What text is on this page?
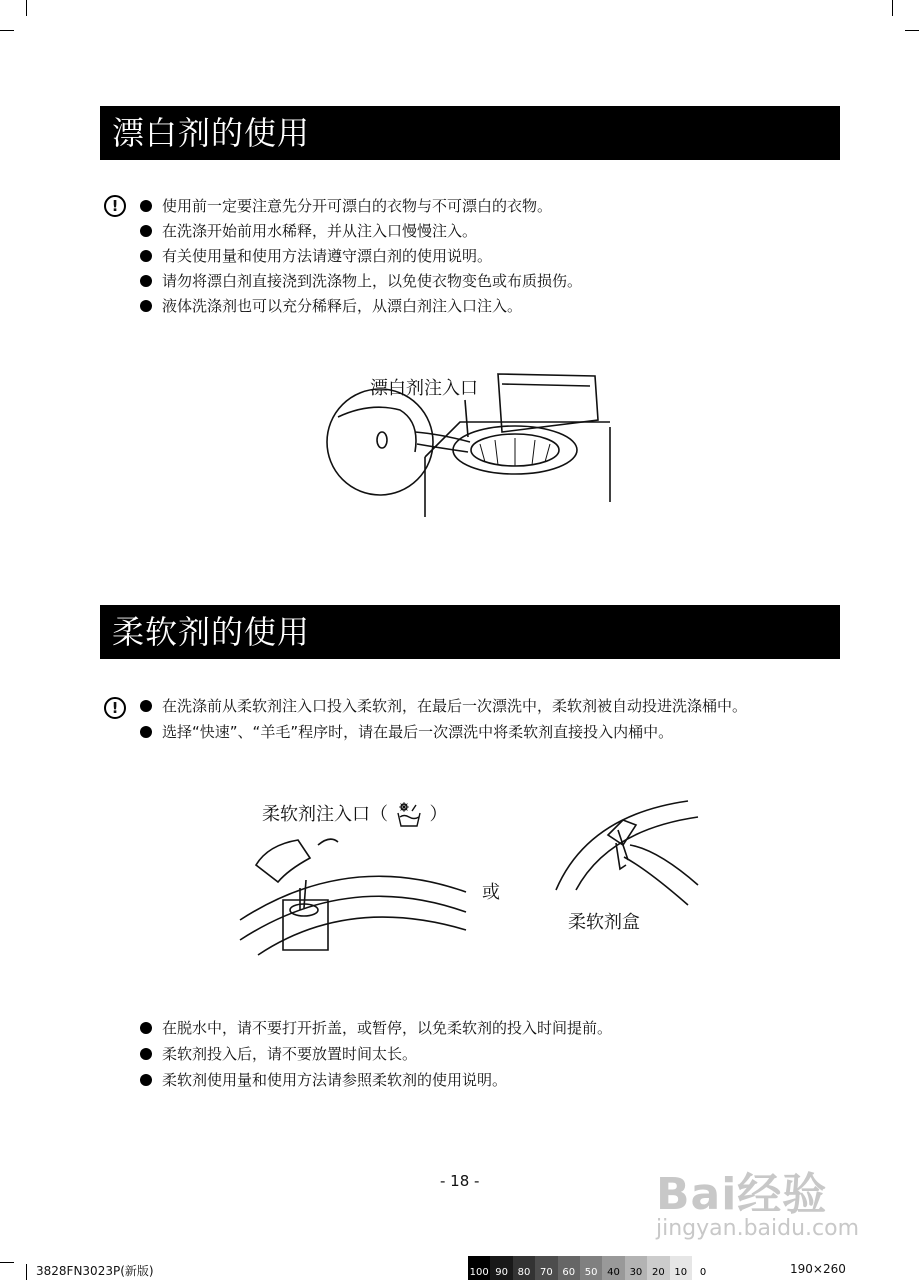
漂白剂的使用
!	使用前一定要注意先分开可漂白的衣物与不可漂白的衣物。
在洗涤开始前用水稀释，并从注入口慢慢注入。
有关使用量和使用方法请遵守漂白剂的使用说明。
请勿将漂白剂直接浇到洗涤物上，以免使衣物变色或布质损伤。
液体洗涤剂也可以充分稀释后，从漂白剂注入口注入。
漂白剂注入口
柔软剂的使用
!	在洗涤前从柔软剂注入口投入柔软剂，在最后一次漂洗中，柔软剂被自动投进洗涤桶中。
选择“快速”、“羊毛”程序时，请在最后一次漂洗中将柔软剂直接投入内桶中。
柔软剂注入口（ ）
或
柔软剂盒
在脱水中，请不要打开折盖，或暂停，以免柔软剂的投入时间提前。
柔软剂投入后，请不要放置时间太长。
柔软剂使用量和使用方法请参照柔软剂的使用说明。
- 18 -	Bai经验
jingyan.baidu.com
3828FN3023P(新版)	100 90 80 70 60 50 40 30 20 10	0	190×260
